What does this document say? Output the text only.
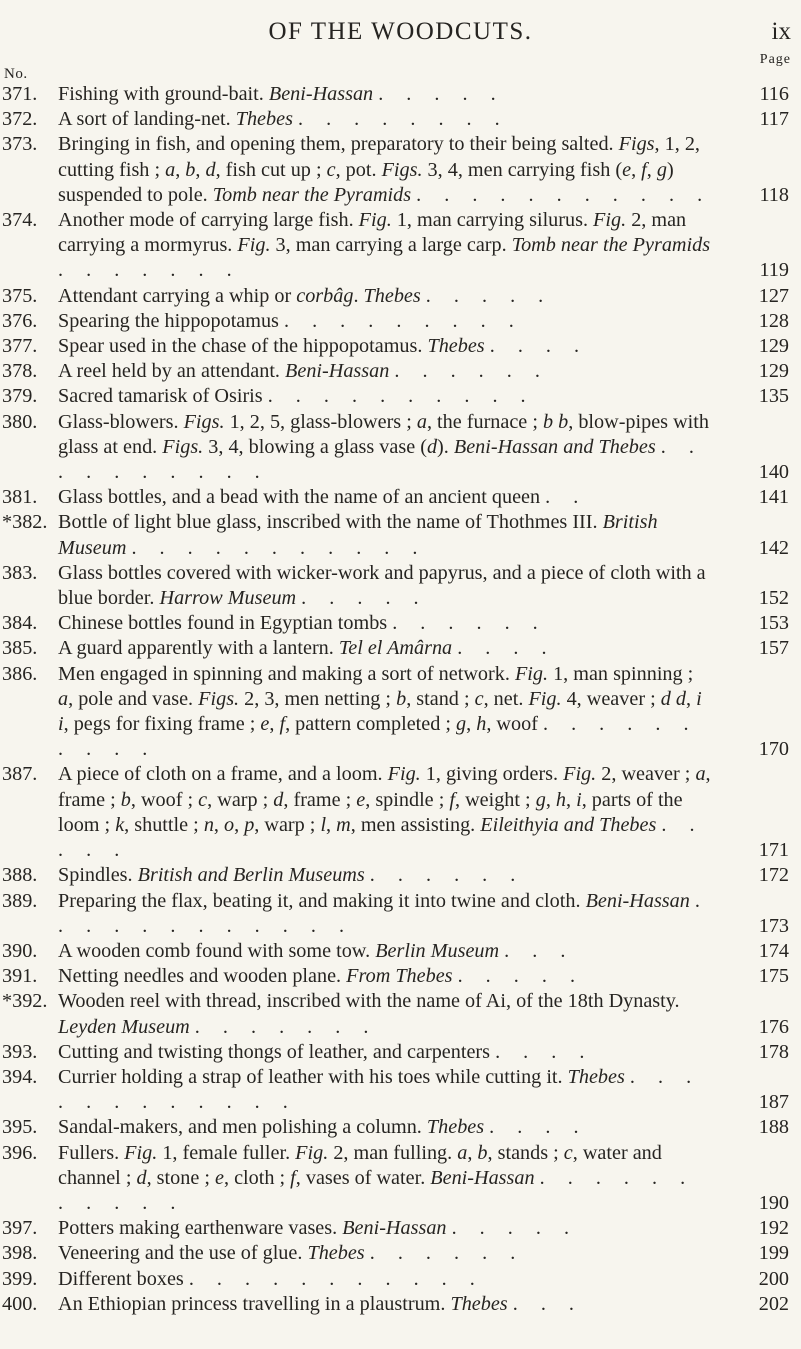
OF THE WOODCUTS.	ix
No.
Page
371. Fishing with ground-bait. Beni-Hassan . . . . .	116
372. A sort of landing-net. Thebes . . . . . . . .	117
373. Bringing in fish, and opening them, preparatory to their being salted. Figs, 1, 2, cutting fish ; a, b, d, fish cut up ; c, pot. Figs. 3, 4, men carrying fish (e, f, g) suspended to pole. Tomb near the Pyramids . . . . . . . . . . . 118
374. Another mode of carrying large fish. Fig. 1, man carrying silurus. Fig. 2, man carrying a mormyrus. Fig. 3, man carrying a large carp. Tomb near the Pyramids . . . . . . .	119
375. Attendant carrying a whip or corbâg. Thebes . . . . .	127
376. Spearing the hippopotamus . . . . . . . . .	128
377. Spear used in the chase of the hippopotamus. Thebes . . . .	129
378. A reel held by an attendant. Beni-Hassan . . . . . .	129
379. Sacred tamarisk of Osiris . . . . . . . . . .	135
380. Glass-blowers. Figs. 1, 2, 5, glass-blowers ; a, the furnace ; b b, blow-pipes with glass at end. Figs. 3, 4, blowing a glass vase (d). Beni-Hassan and Thebes . . . . . . . . . .	140
381. Glass bottles, and a bead with the name of an ancient queen . .	141
*382. Bottle of light blue glass, inscribed with the name of Thothmes III. British Museum . . . . . . . . . . .	142
383. Glass bottles covered with wicker-work and papyrus, and a piece of cloth with a blue border. Harrow Museum . . . . .	152
384. Chinese bottles found in Egyptian tombs . . . . . .	153
385. A guard apparently with a lantern. Tel el Amârna . . . .	157
386. Men engaged in spinning and making a sort of network. Fig. 1, man spinning ; a, pole and vase. Figs. 2, 3, men netting ; b, stand ; c, net. Fig. 4, weaver ; d d, i i, pegs for fixing frame ; e, f, pattern completed ; g, h, woof . . . . . . . . . .	170
387. A piece of cloth on a frame, and a loom. Fig. 1, giving orders. Fig. 2, weaver ; a, frame ; b, woof ; c, warp ; d, frame ; e, spindle ; f, weight ; g, h, i, parts of the loom ; k, shuttle ; n, o, p, warp ; l, m, men assisting. Eileithyia and Thebes . . . . .	171
388. Spindles. British and Berlin Museums . . . . . .	172
389. Preparing the flax, beating it, and making it into twine and cloth. Beni-Hassan . . . . . . . . . . . .	173
390. A wooden comb found with some tow. Berlin Museum . . .	174
391. Netting needles and wooden plane. From Thebes . . . . .	175
*392. Wooden reel with thread, inscribed with the name of Ai, of the 18th Dynasty. Leyden Museum . . . . . . .	176
393. Cutting and twisting thongs of leather, and carpenters . . . .	178
394. Currier holding a strap of leather with his toes while cutting it. Thebes . . . . . . . . . . . .	187
395. Sandal-makers, and men polishing a column. Thebes . . . .	188
396. Fullers. Fig. 1, female fuller. Fig. 2, man fulling. a, b, stands ; c, water and channel ; d, stone ; e, cloth ; f, vases of water. Beni-Hassan . . . . . . . . . . .	190
397. Potters making earthenware vases. Beni-Hassan . . . . .	192
398. Veneering and the use of glue. Thebes . . . . . .	199
399. Different boxes . . . . . . . . . . .	200
400. An Ethiopian princess travelling in a plaustrum. Thebes . . .	202
